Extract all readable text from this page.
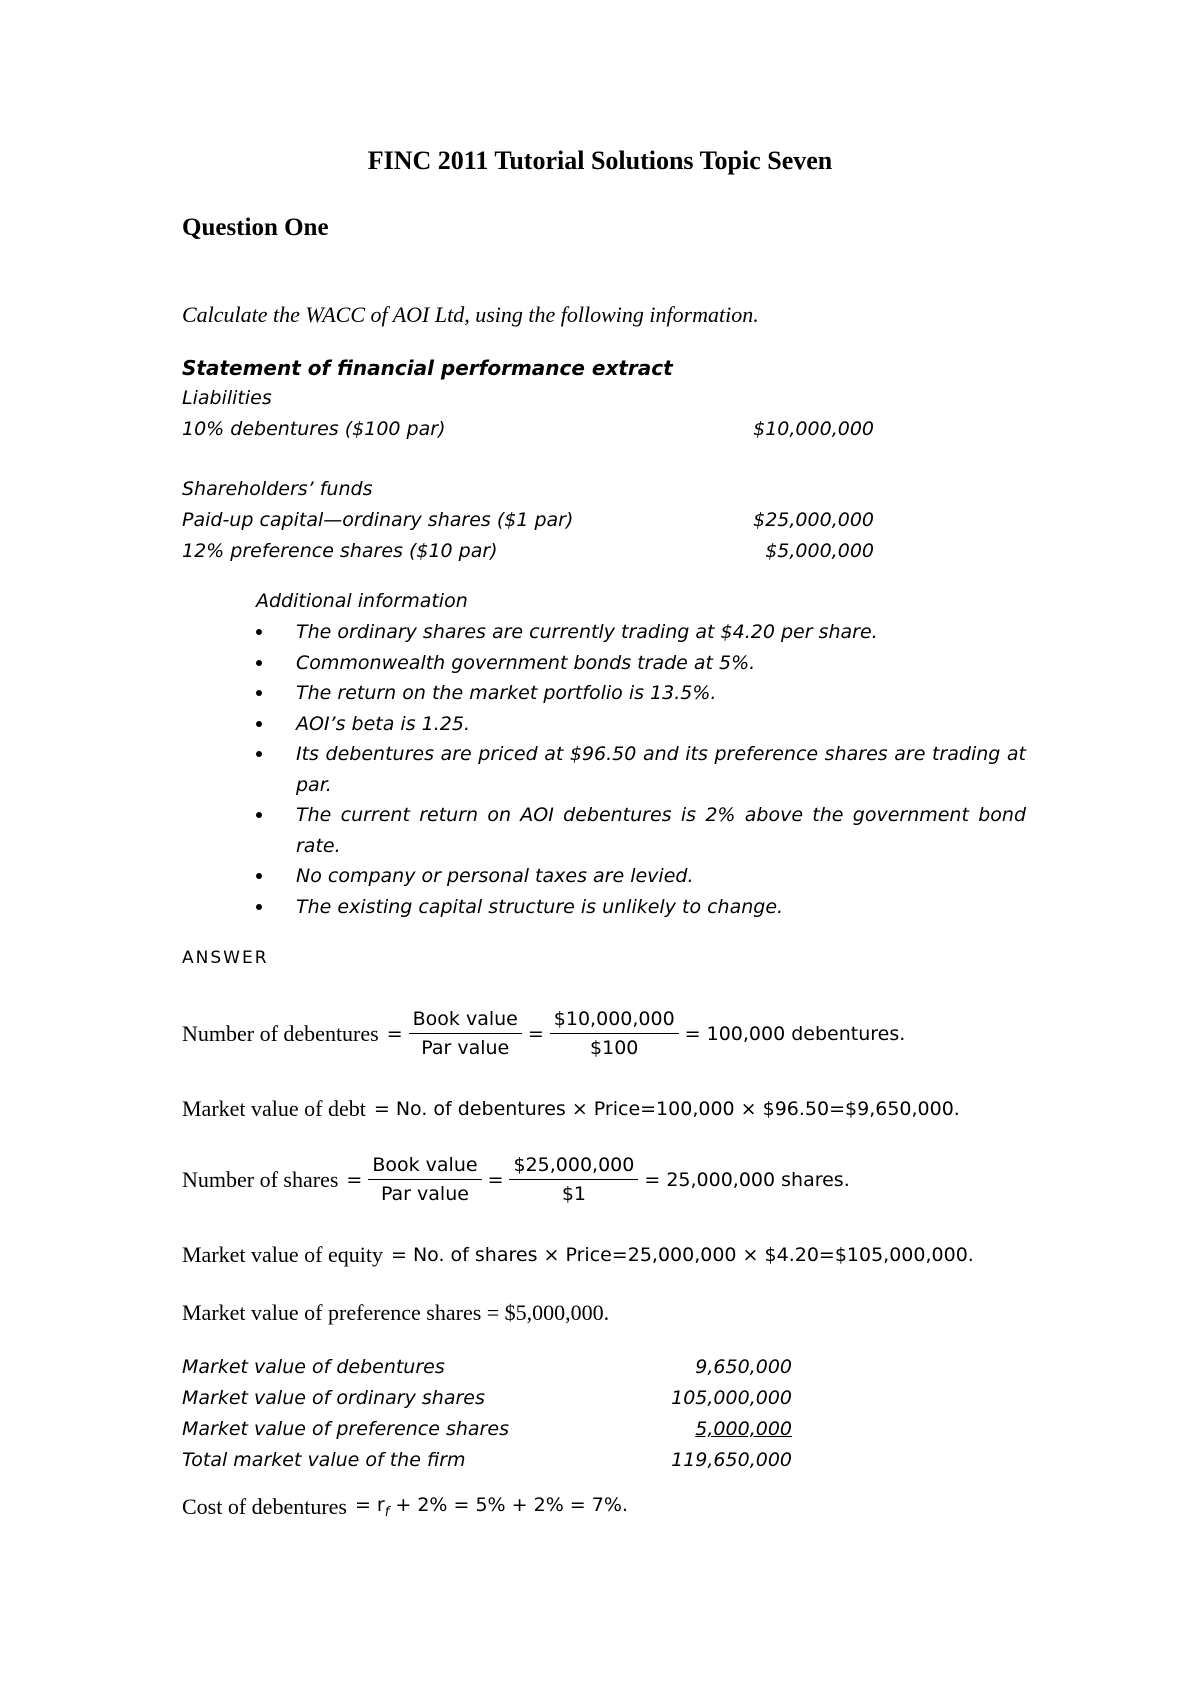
FINC 2011 Tutorial Solutions Topic Seven
Question One
Calculate the WACC of AOI Ltd, using the following information.
Statement of financial performance extract
Liabilities
10% debentures ($100 par)	$10,000,000
Shareholders’ funds
Paid-up capital—ordinary shares ($1 par)	$25,000,000
12% preference shares ($10 par)	$5,000,000
Additional information
The ordinary shares are currently trading at $4.20 per share.
Commonwealth government bonds trade at 5%.
The return on the market portfolio is 13.5%.
AOI’s beta is 1.25.
Its debentures are priced at $96.50 and its preference shares are trading at par.
The current return on AOI debentures is 2% above the government bond rate.
No company or personal taxes are levied.
The existing capital structure is unlikely to change.
ANSWER
Number of debentures = $\frac{\text{Book value}}{\text{Par value}} = \frac{\$10,000,000}{\$100} = 100,000$ debentures.
Market value of debt = No. of debentures × Price=100,000 × $96.50=$9,650,000.
Number of shares = $\frac{\text{Book value}}{\text{Par value}} = \frac{\$25,000,000}{\$1} = 25,000,000$ shares.
Market value of equity = No. of shares × Price=25,000,000 × $4.20=$105,000,000.
Market value of preference shares = $5,000,000.
Market value of debentures	9,650,000
Market value of ordinary shares	105,000,000
Market value of preference shares	5,000,000
Total market value of the firm	119,650,000
Cost of debentures = $r_f + 2\% = 5\% + 2\% = 7\%$.
